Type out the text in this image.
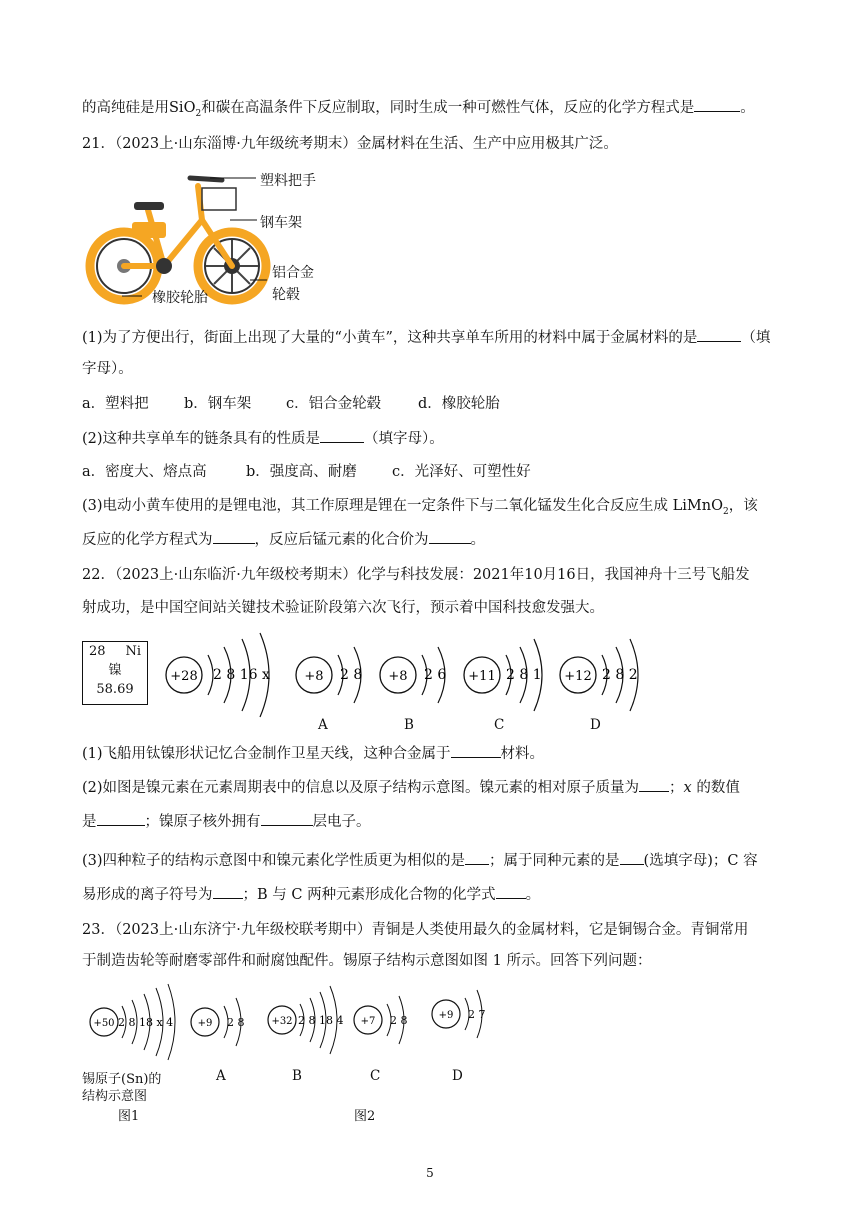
的高纯硅是用SiO$_2$和碳在高温条件下反应制取，同时生成一种可燃性气体，反应的化学方程式是	。
21．（2023上·山东淄博·九年级统考期末）金属材料在生活、生产中应用极其广泛。
塑料把手
钢车架
铝合金
轮毂
橡胶轮胎
(1)为了方便出行，街面上出现了大量的“小黄车”，这种共享单车所用的材料中属于金属材料的是	（填
字母）。
a．塑料把 b．钢车架 c．铝合金轮毂	d．橡胶轮胎
(2)这种共享单车的链条具有的性质是	（填字母）。
a．密度大、熔点高	b．强度高、耐磨 c．光泽好、可塑性好
(3)电动小黄车使用的是锂电池，其工作原理是锂在一定条件下与二氧化锰发生化合反应生成 LiMnO$_2$，该
反应的化学方程式为	，反应后锰元素的化合价为	。
22．（2023上·山东临沂·九年级校考期末）化学与科技发展：2021年10月16日，我国神舟十三号飞船发
射成功，是中国空间站关键技术验证阶段第六次飞行，预示着中国科技愈发强大。
28 Ni
镍
58.69
+28 2 8 16 x	+8 2 8 +8 2 6 +11 2 8 1 +12 2 8 2
A	B	C	D
(1)飞船用钛镍形状记忆合金制作卫星天线，这种合金属于	材料。
(2)如图是镍元素在元素周期表中的信息以及原子结构示意图。镍元素的相对原子质量为 ；x 的数值
是	；镍原子核外拥有	层电子。
(3)四种粒子的结构示意图中和镍元素化学性质更为相似的是 ；属于同种元素的是 (选填字母)；C 容
易形成的离子符号为 ；B 与 C 两种元素形成化合物的化学式 。
23．（2023上·山东济宁·九年级校联考期中）青铜是人类使用最久的金属材料，它是铜锡合金。青铜常用
于制造齿轮等耐磨零部件和耐腐蚀配件。锡原子结构示意图如图 1 所示。回答下列问题：
+50 2 8 18 x 4 +9 2 8	+32 2 8 18 4 +7 2 8	+9 2 7
A	B	C	D
锡原子(Sn)的
结构示意图
图1	图2
5
